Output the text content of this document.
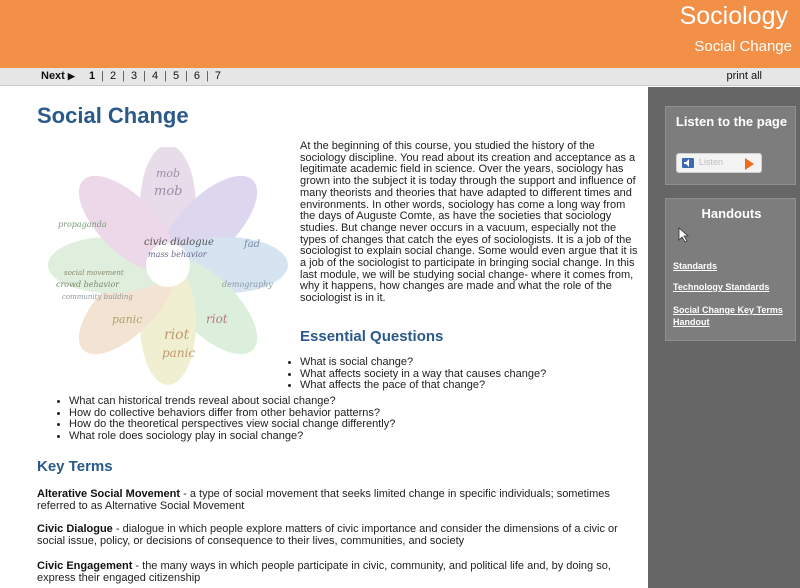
Sociology
Social Change
Next ▶ 1 | 2 | 3 | 4 | 5 | 6 | 7	print all
Social Change
mob
mob
riot
panic
civic dialogue
mass behavior
propaganda
crowd behavior
social movement
community building
fad
demography
riot
panic

At the beginning of this course, you studied the history of the sociology discipline. You read about its creation and acceptance as a legitimate academic field in science. Over the years, sociology has grown into the subject it is today through the support and influence of many theorists and theories that have adapted to different times and environments. In other words, sociology has come a long way from the days of Auguste Comte, as have the societies that sociology studies. But change never occurs in a vacuum, especially not the types of changes that catch the eyes of sociologists. It is a job of the sociologist to explain social change. Some would even argue that it is a job of the sociologist to participate in bringing social change. In this last module, we will be studying social change- where it comes from, why it happens, how changes are made and what the role of the sociologist is in it.

Essential Questions
• What is social change?
• What affects society in a way that causes change?
• What affects the pace of that change?
• What can historical trends reveal about social change?
• How do collective behaviors differ from other behavior patterns?
• How do the theoretical perspectives view social change differently?
• What role does sociology play in social change?
Key Terms

Alterative Social Movement - a type of social movement that seeks limited change in specific individuals; sometimes referred to as Alternative Social Movement

Civic Dialogue - dialogue in which people explore matters of civic importance and consider the dimensions of a civic or social issue, policy, or decisions of consequence to their lives, communities, and society

Civic Engagement - the many ways in which people participate in civic, community, and political life and, by doing so, express their engaged citizenship

Listen to the page
Listen
Handouts
Standards
Technology Standards
Social Change Key Terms Handout
